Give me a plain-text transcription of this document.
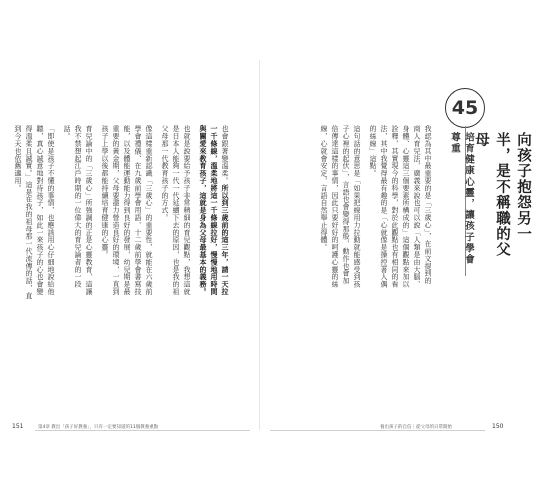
45
向孩子抱怨另一半，是不稱職的父母
培育健康心靈，讓孩子學會尊重

我認為其中最重要的是「三歲心」，在前文提到的商人育兒法，廣義來說也可以說「人類是由大腦、身體、心靈這三個要素所構成的」這個觀點來加以詮釋，其實現今的科學，對於此觀點也有相同的看法，其中我覺得最有趣的是「心就像是操控著人偶的絲線」這點。

這句話的意思是「如果把線用力拉動就能感受到孩子心裡的起伏」，言語也會變得那般，動作也會加倍傳達這樣的事情，因此只要好好的呵護心靈的絲線，心就會安定，言語自然舉止得體。

養出孩子的自信｜從父母的日常開始	150

也會跟著變溫柔。所以到三歲前的這三年，請一天拉一千條線，溫柔地將這一千條線拉好，慢慢地用時間與關愛來教育孩子，這就是身為父母最基本的義務。

也就是說要給予孩子非常精細的育兒觀點，我想這就是日本人能夠一代一代延續下去的原因，也是我的祖父母那一代教育孩子的方式。

像這樣重新認識「三歲心」的重要性，就能在六歲前學會禮儀、在九歲前學會用語、十二歲前學會書寫技能，以及體能運動能力得到良好的發展，幼兒期是最重要的黃金期，父母要盡力營造良好的環境，一直到孩子上學以後都能持續培育健康的心靈。

育兒論中的「三歲心」所強調的正是心靈教育，這讓我不禁想起江戶時期的一位偉大的育兒論者的一段話。

「即使是孩子不懂的事情，也應該用心仔細地說給他聽，真心誠意地對待孩子，如此一來孩子的心也會變得溫柔且誠實。」這是在我的祖母那一代流傳的話，直到今天也依舊適用。

151	第4章 教出「孩子好教養」，只有一定要知道的11個教養重點
